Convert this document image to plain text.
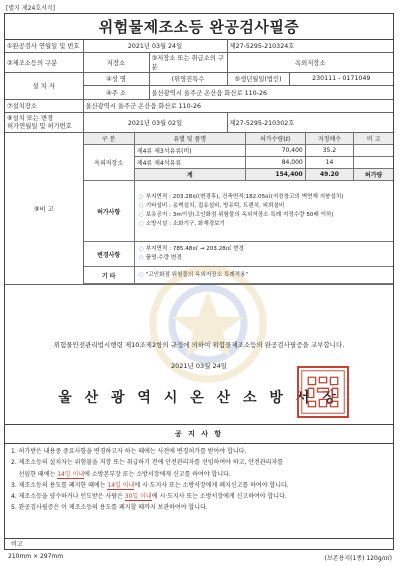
[별지 제24호서식]
위험물제조소등 완공검사필증
①완공검사 연월일 및 번호	2021년 03월 24일	제27-5295-210324호
②제조소등의 구분	저장소	③저장소 또는 취급소의 구분	옥외저장소
설 치 자	④성 명	(위영진특수	⑤생년월일(법인)	230111 - 0171049
④주 소	울산광역시 울주군 온산읍 화산로 110-26
⑦설치장소	울산광역시 울주군 온산읍 화산로 110-26
⑧설치 또는 변경
허가연월일 및 허가번호	2021년 03월 02일	제27-5295-210302호
⑨비 고	
구 분	유별 및 품명	허가수량(ℓ)	지정배수	비 고
옥외저장소	제4류 제3석유류(비)	70,400	35.2	
제4류 제4석유류	84,000	14	
계	154,400	49.20	허가량
허가사항	
○ 부지면적 : 203.28㎡(변경후), 건축면적:182.05㎡(저장창고의 벽면재 지붕설치)
○ 기타설비 : 옹벽설치, 집유설비, 방유턱, 트렌치, 피뢰설비
○ 보유공지 : 3m이상(고인화점 위험물의 옥외저장소 특례 지정수량 50배 이하)
○ 소방시설 : 소화기구, 화재경보기

변경사항	
○ 부지면적 : 785.48㎡ → 203.28㎡ 변경
○ 품명·수량 변경

기 타	○ "고인화점 위험물의 옥외저장소 특례적용"
위험물안전관리법시행령 제10조제2항의 규정에 의하여 위험물제조소등의 완공검사필증을 교부합니다.
2021년 03월 24일
울 산 광 역 시 온 산 소 방 서 장
공 지 사 항
1. 허가받은 내용중 중요사항을 변경하고자 하는 때에는 사전에 변경허가를 받아야 합니다.
2. 제조소등의 설치자는 위험물을 저장 또는 취급하기 전에 안전관리자를 선임하여야 하고, 안전관리자를
선임한 때에는 14일 이내에 소방본부장 또는 소방서장에게 신고를 하여야 합니다.
3. 제조소등의 용도를 폐지한 때에는 14일 이내에 시·도지사 또는 소방서장에게 폐지신고를 하여야 합니다.
4. 제조소등을 양수하거나 인도받은 사람은 30일 이내에 시·도지사 또는 소방서장에게 신고하여야 합니다.
5. 완공검사필증은 이 제조소등의 용도를 폐지할 때까지 보관하여야 합니다.
비고
210mm × 297mm	(보존용지(1종) 120g/㎡)
